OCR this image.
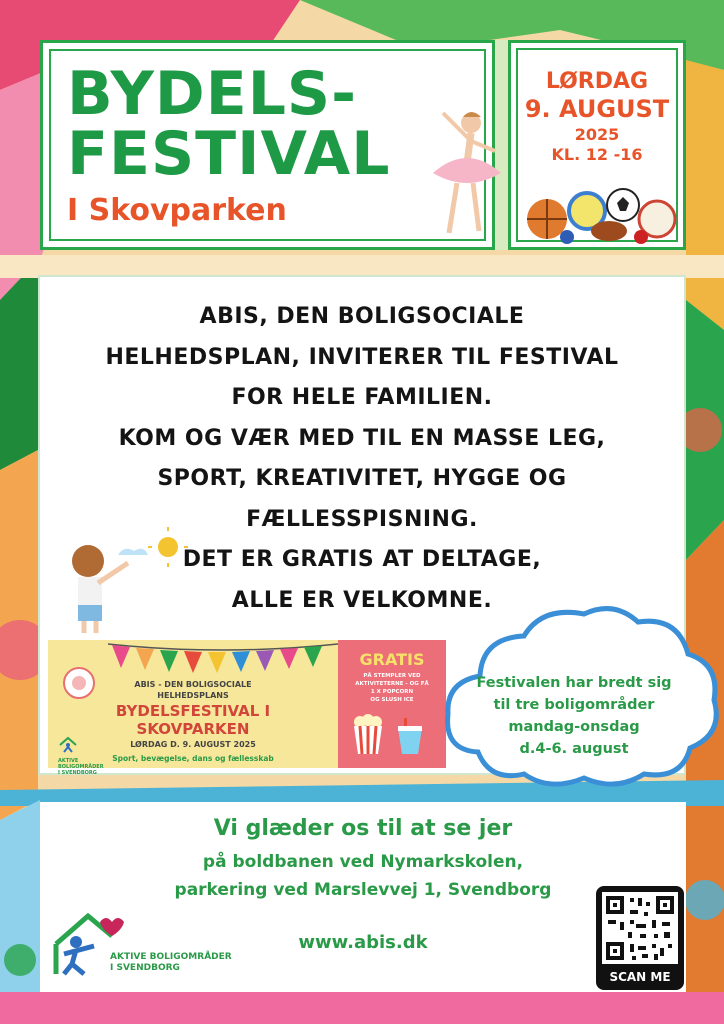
BYDELS-
FESTIVAL
I Skovparken
LØRDAG
9. AUGUST
2025
KL. 12 -16
ABIS, DEN BOLIGSOCIALE
HELHEDSPLAN, INVITERER TIL FESTIVAL
FOR HELE FAMILIEN.
KOM OG VÆR MED TIL EN MASSE LEG,
SPORT, KREATIVITET, HYGGE OG
FÆLLESSPISNING.
DET ER GRATIS AT DELTAGE,
ALLE ER VELKOMNE.
ABIS - DEN BOLIGSOCIALE
HELHEDSPLANS
BYDELSFESTIVAL I
SKOVPARKEN
LØRDAG D. 9. AUGUST 2025
Sport, bevægelse, dans og fællesskab
AKTIVE BOLIGOMRÅDER
I SVENDBORG
GRATIS
PÅ STEMPLER VED
AKTIVITETERNE - OG FÅ
1 X POPCORN
OG SLUSH ICE
Festivalen har bredt sig
til tre boligområder
mandag-onsdag
d.4-6. august
Vi glæder os til at se jer
på boldbanen ved Nymarkskolen,
parkering ved Marslevvej 1, Svendborg
www.abis.dk
AKTIVE BOLIGOMRÅDER
I SVENDBORG
SCAN ME
